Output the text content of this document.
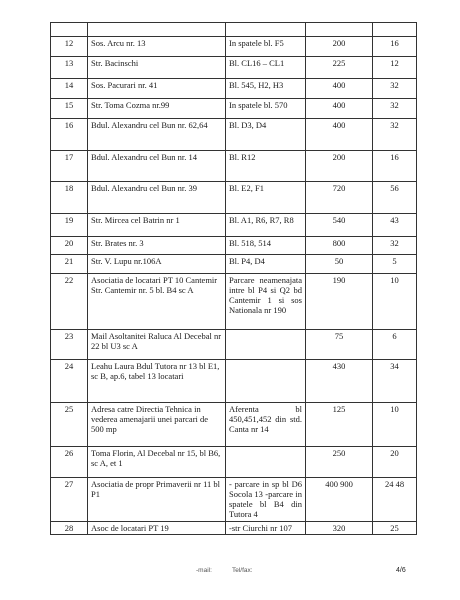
12	Sos. Arcu nr. 13	In spatele bl. F5	200	16
13	Str. Bacinschi	Bl. CL16 – CL1	225	12
14	Sos. Pacurari nr. 41	Bl. 545, H2, H3	400	32
15	Str. Toma Cozma nr.99	In spatele bl. 570	400	32
16	Bdul. Alexandru cel Bun nr. 62,64	Bl. D3, D4	400	32
17	Bdul. Alexandru cel Bun nr. 14	Bl. R12	200	16
18	Bdul. Alexandru cel Bun nr. 39	Bl. E2, F1	720	56
19	Str. Mircea cel Batrin nr 1	Bl. A1, R6, R7, R8	540	43
20	Str. Brates nr. 3	Bl. 518, 514	800	32
21	Str. V. Lupu nr.106A	Bl. P4, D4	50	5
22	Asociatia de locatari PT 10 Cantemir Str. Cantemir nr. 5 bl. B4 sc A	Parcare neamenajata intre bl P4 si Q2 bd Cantemir 1 si sos Nationala nr 190	190	10
23	Mail Asoltanitei Raluca Al Decebal nr 22 bl U3 sc A		75	6
24	Leahu Laura Bdul Tutora nr 13 bl E1, sc B, ap.6, tabel 13 locatari		430	34
25	Adresa catre Directia Tehnica in vederea amenajarii unei parcari de 500 mp	Aferenta bl 450,451,452 din std. Canta nr 14	125	10
26	Toma Florin, Al Decebal nr 15, bl B6, sc A, et 1		250	20
27	Asociatia de propr Primaverii nr 11 bl P1	- parcare in sp bl D6 Socola 13 -parcare in spatele bl B4 din Tutora 4	400 900	24 48
28	Asoc de locatari PT 19	-str Ciurchi nr 107	320	25
-mail:	Tel/fax:	4/6
